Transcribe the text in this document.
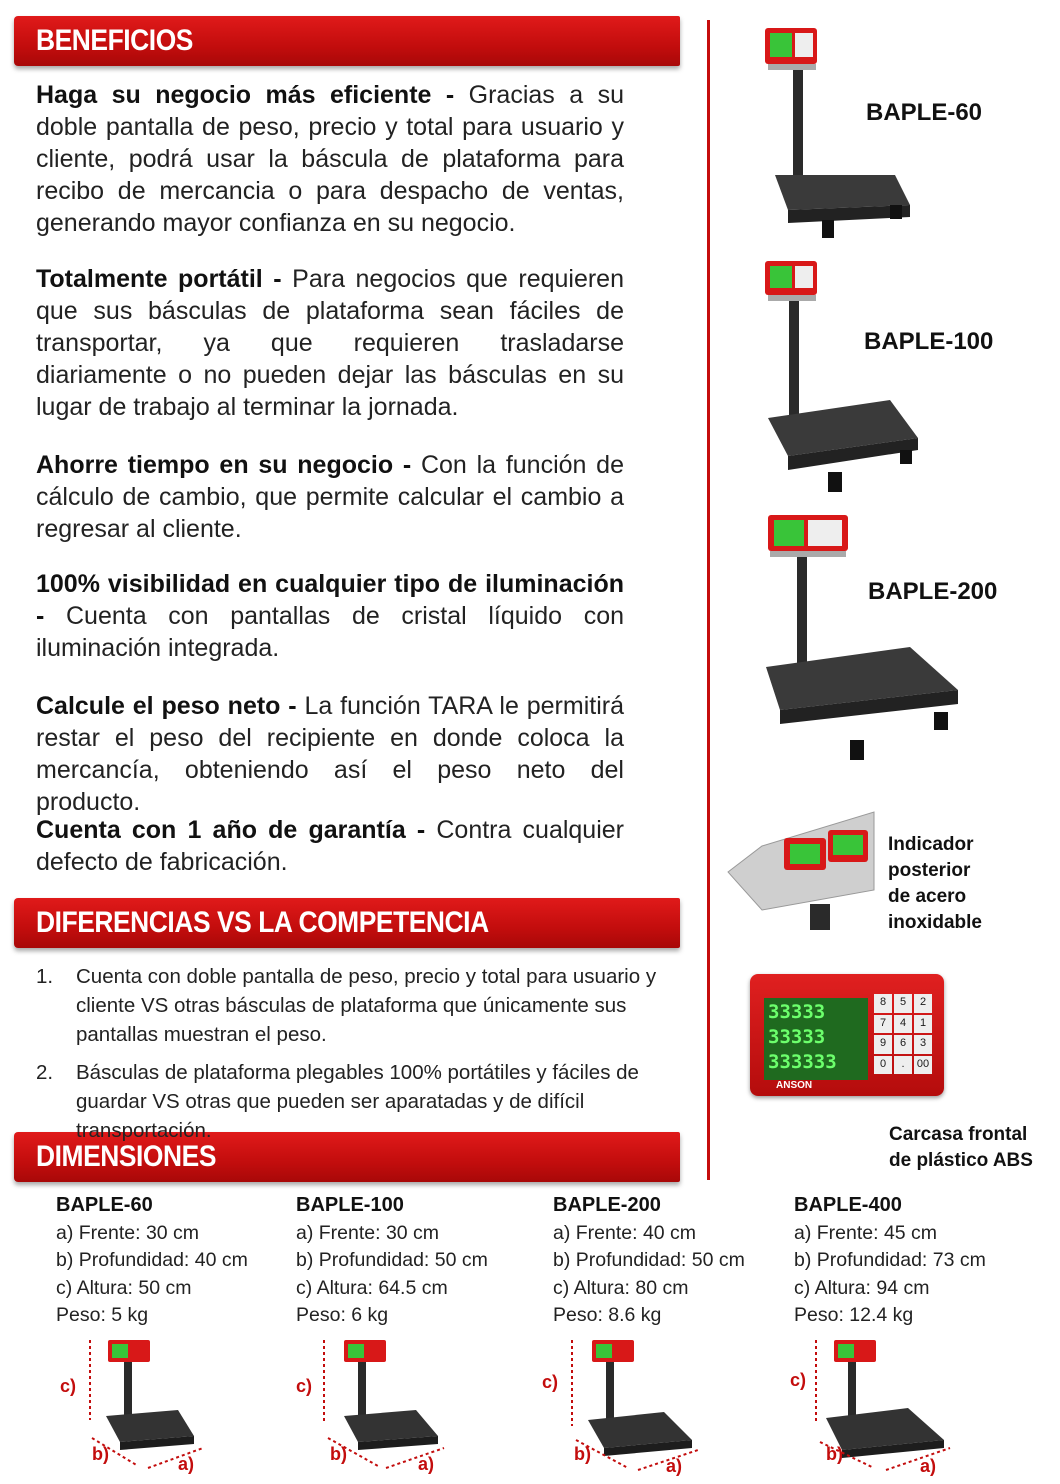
BENEFICIOS
DIFERENCIAS VS LA COMPETENCIA
DIMENSIONES
Haga su negocio más eficiente - Gracias a su doble pantalla de peso, precio y total para usuario y cliente, podrá usar la báscula de plataforma para recibo de mercancia o para despacho de ventas, generando mayor confianza en su negocio.
Totalmente portátil - Para negocios que requieren que sus básculas de plataforma sean fáciles de transportar, ya que requieren trasladarse diariamente o no pueden dejar las básculas en su lugar de trabajo al terminar la jornada.
Ahorre tiempo en su negocio - Con la función de cálculo de cambio, que permite calcular el cambio a regresar al cliente.
100% visibilidad en cualquier tipo de iluminación - Cuenta con pantallas de cristal líquido con iluminación integrada.
Calcule el peso neto - La función TARA le permitirá restar el peso del recipiente en donde coloca la mercancía, obteniendo así el peso neto del producto.
Cuenta con 1 año de garantía - Contra cualquier defecto de fabricación.
1. Cuenta con doble pantalla de peso, precio y total para usuario y cliente VS otras básculas de plataforma que únicamente sus pantallas muestran el peso.
2. Básculas de plataforma plegables 100% portátiles y fáciles de guardar VS otras que pueden ser aparatadas y de difícil transportación.
BAPLE-60
BAPLE-100
BAPLE-200
Indicador posterior
de acero inoxidable
33333
33333
333333
8	5	2
7	4	1
9	6	3
0	.	00
ANSON
Carcasa frontal
de plástico ABS
BAPLE-60
a) Frente: 30 cm
b) Profundidad: 40 cm
c) Altura: 50 cm
Peso: 5 kg
BAPLE-100
a) Frente: 30 cm
b) Profundidad: 50 cm
c) Altura: 64.5 cm
Peso: 6 kg
BAPLE-200
a) Frente: 40 cm
b) Profundidad: 50 cm
c) Altura: 80 cm
Peso: 8.6 kg
BAPLE-400
a) Frente: 45 cm
b) Profundidad: 73 cm
c) Altura: 94 cm
Peso: 12.4 kg
c)
b)	a)
c)
b)	a)
c)
b)
a)
c)
b)
a)
